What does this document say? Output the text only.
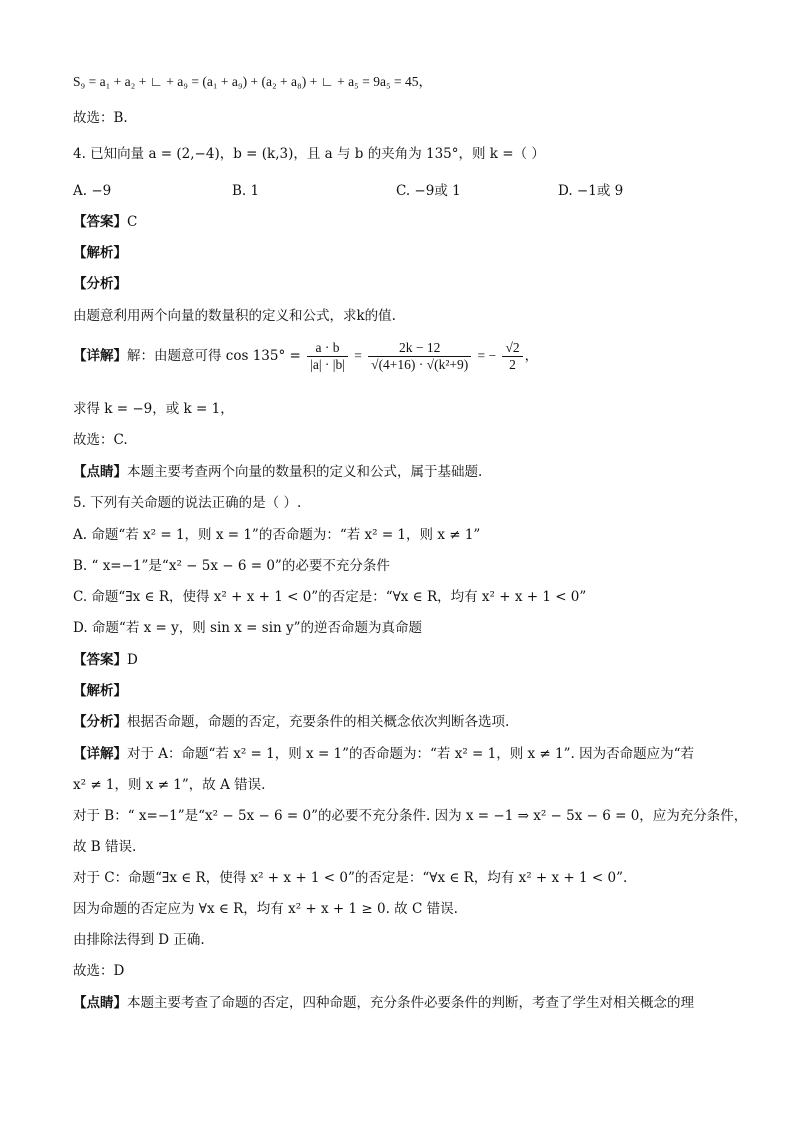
S₉ = a₁ + a₂ + ∟ + a₉ = (a₁ + a₉) + (a₂ + a₈) + ∟ + a₅ = 9a₅ = 45，
故选：B.
4. 已知向量 a = (2,−4)，b = (k,3)，且 a 与 b 的夹角为 135°，则 k =（ ）
A. −9	B. 1	C. −9或 1	D. −1或 9
【答案】C
【解析】
【分析】
由题意利用两个向量的数量积的定义和公式，求k的值.
【详解】解：由题意可得 $\cos 135^\circ = \frac{a \cdot b}{|a| \cdot |b|} = \frac{2k - 12}{\text{√(4+16) · √(k²+9)}}$ = − $\frac{√2}{2}$ ，
求得 k = −9，或 k = 1，
故选：C.
【点睛】本题主要考查两个向量的数量积的定义和公式，属于基础题.
5. 下列有关命题的说法正确的是（ ）.
A. 命题“若 x² = 1，则 x = 1”的否命题为：“若 x² = 1，则 x ≠ 1”
B. “ x=−1”是“x² − 5x − 6 = 0”的必要不充分条件
C. 命题“∃x ∈ R，使得 x² + x + 1 < 0”的否定是：“∀x ∈ R，均有 x² + x + 1 < 0”
D. 命题“若 x = y，则 sin x = sin y”的逆否命题为真命题
【答案】D
【解析】
【分析】根据否命题，命题的否定，充要条件的相关概念依次判断各选项.
【详解】对于 A：命题“若 x² = 1，则 x = 1”的否命题为：“若 x² = 1，则 x ≠ 1”. 因为否命题应为“若
x² ≠ 1，则 x ≠ 1”，故 A 错误.
对于 B：“ x=−1”是“x² − 5x − 6 = 0”的必要不充分条件. 因为 x = −1 ⇒ x² − 5x − 6 = 0，应为充分条件，
故 B 错误.
对于 C：命题“∃x ∈ R，使得 x² + x + 1 < 0”的否定是：“∀x ∈ R，均有 x² + x + 1 < 0”.
因为命题的否定应为 ∀x ∈ R，均有 x² + x + 1 ≥ 0. 故 C 错误.
由排除法得到 D 正确.
故选：D
【点睛】本题主要考查了命题的否定，四种命题，充分条件必要条件的判断，考查了学生对相关概念的理
